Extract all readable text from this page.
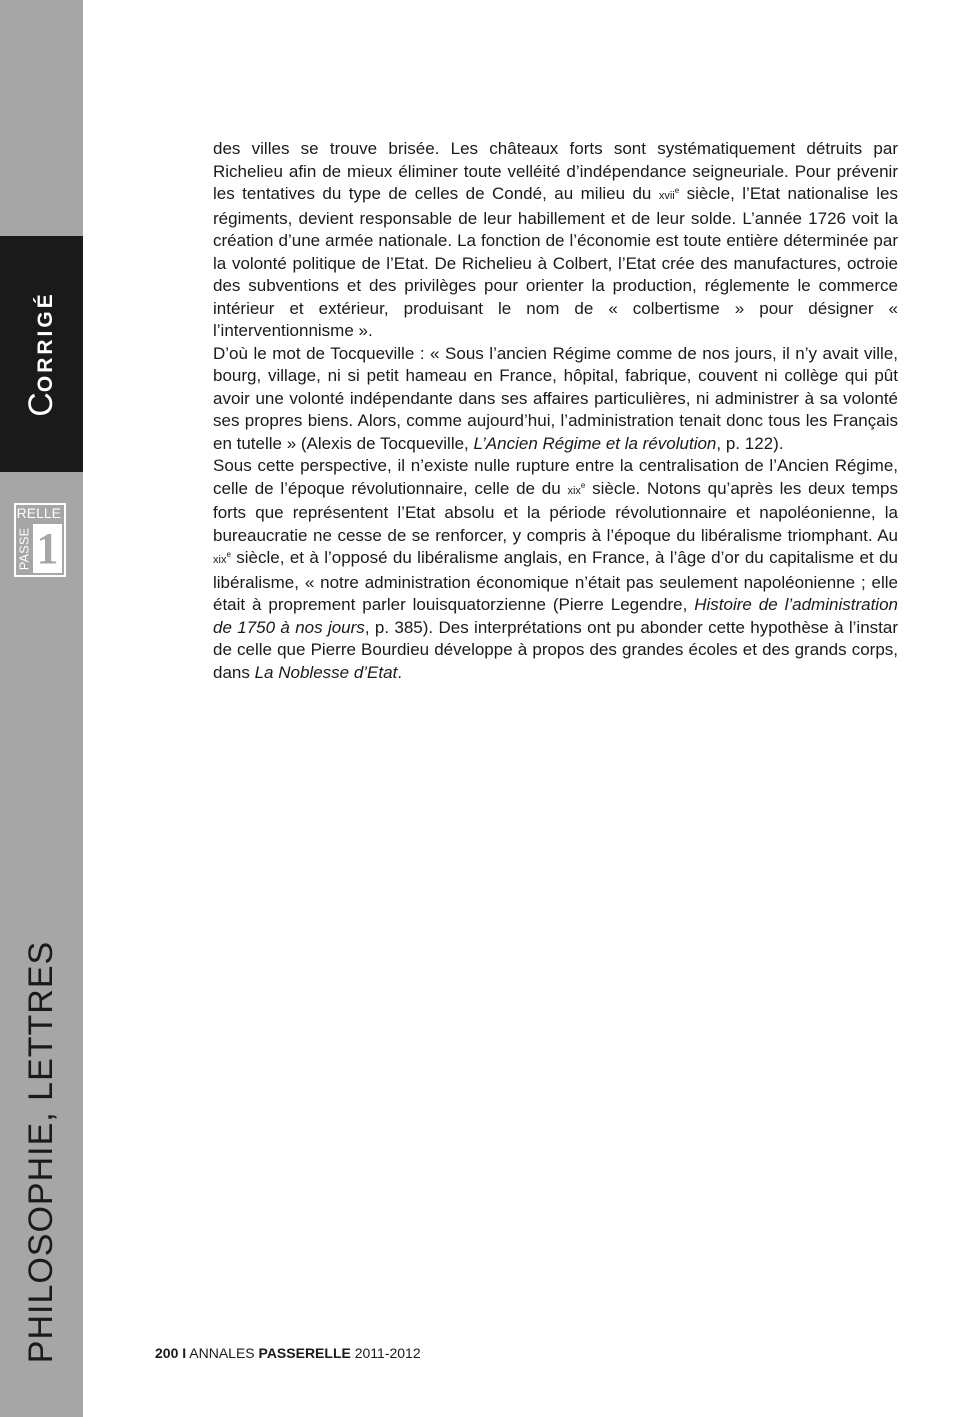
CORRIGÉ
RELLE
PASSE 1
PHILOSOPHIE, LETTRES

des villes se trouve brisée. Les châteaux forts sont systématiquement détruits par Richelieu afin de mieux éliminer toute velléité d’indépendance seigneuriale. Pour prévenir les tentatives du type de celles de Condé, au milieu du xvii$^e$ siècle, l’Etat nationalise les régiments, devient responsable de leur habillement et de leur solde. L’année 1726 voit la création d’une armée nationale. La fonction de l’économie est toute entière déterminée par la volonté politique de l’Etat. De Richelieu à Colbert, l’Etat crée des manufactures, octroie des subventions et des privilèges pour orienter la production, réglemente le commerce intérieur et extérieur, produisant le nom de « colbertisme » pour désigner « l’interventionnisme ».

D’où le mot de Tocqueville : « Sous l’ancien Régime comme de nos jours, il n’y avait ville, bourg, village, ni si petit hameau en France, hôpital, fabrique, couvent ni collège qui pût avoir une volonté indépendante dans ses affaires particulières, ni administrer à sa volonté ses propres biens. Alors, comme aujourd’hui, l’administration tenait donc tous les Français en tutelle » (Alexis de Tocqueville, L’Ancien Régime et la révolution, p. 122).

Sous cette perspective, il n’existe nulle rupture entre la centralisation de l’Ancien Régime, celle de l’époque révolutionnaire, celle de du xix$^e$ siècle. Notons qu’après les deux temps forts que représentent l’Etat absolu et la période révolutionnaire et napoléonienne, la bureaucratie ne cesse de se renforcer, y compris à l’époque du libéralisme triomphant. Au xix$^e$ siècle, et à l’opposé du libéralisme anglais, en France, à l’âge d’or du capitalisme et du libéralisme, « notre administration économique n’était pas seulement napoléonienne ; elle était à proprement parler louisquatorzienne (Pierre Legendre, Histoire de l’administration de 1750 à nos jours, p. 385). Des interprétations ont pu abonder cette hypothèse à l’instar de celle que Pierre Bourdieu développe à propos des grandes écoles et des grands corps, dans La Noblesse d’Etat.

200 I ANNALES PASSERELLE 2011-2012
